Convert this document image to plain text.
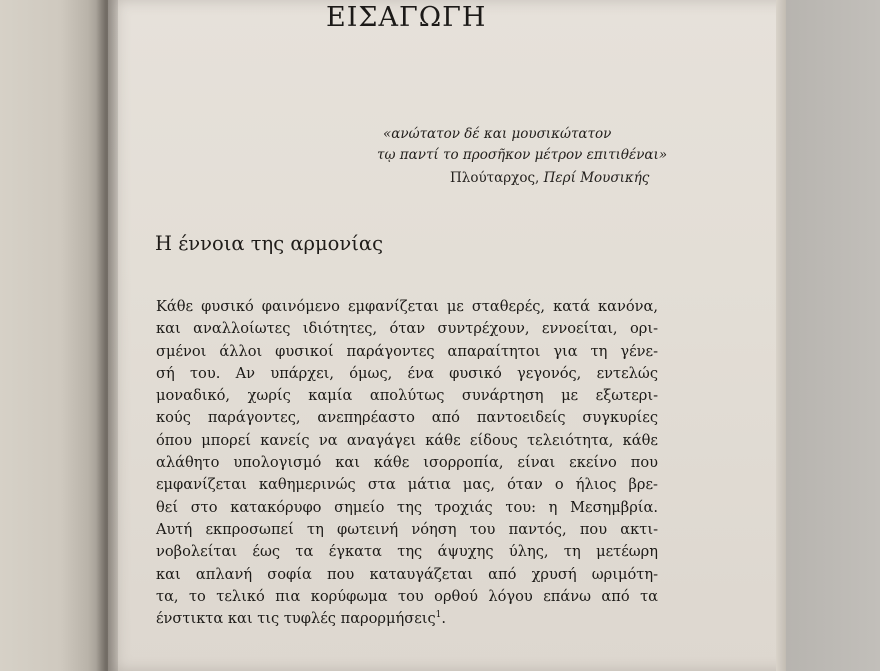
ΕΙΣΑΓΩΓΗ
«ανώτατον δέ και μουσικώτατον
τῳ παντί το προσῆκον μέτρον επιτιθέναι»
Πλούταρχος, Περί Μουσικής
Η έννοια της αρμονίας
Κάθε φυσικό φαινόμενο εμφανίζεται με σταθερές, κατά κανόνα,
και αναλλοίωτες ιδιότητες, όταν συντρέχουν, εννοείται, ορι-
σμένοι άλλοι φυσικοί παράγοντες απαραίτητοι για τη γένε-
σή του. Αν υπάρχει, όμως, ένα φυσικό γεγονός, εντελώς
μοναδικό, χωρίς καμία απολύτως συνάρτηση με εξωτερι-
κούς παράγοντες, ανεπηρέαστο από παντοειδείς συγκυρίες
όπου μπορεί κανείς να αναγάγει κάθε είδους τελειότητα, κάθε
αλάθητο υπολογισμό και κάθε ισορροπία, είναι εκείνο που
εμφανίζεται καθημερινώς στα μάτια μας, όταν ο ήλιος βρε-
θεί στο κατακόρυφο σημείο της τροχιάς του: η Μεσημβρία.
Αυτή εκπροσωπεί τη φωτεινή νόηση του παντός, που ακτι-
νοβολείται έως τα έγκατα της άψυχης ύλης, τη μετέωρη
και απλανή σοφία που καταυγάζεται από χρυσή ωριμότη-
τα, το τελικό πια κορύφωμα του ορθού λόγου επάνω από τα
ένστικτα και τις τυφλές παρορμήσεις$^1$.
